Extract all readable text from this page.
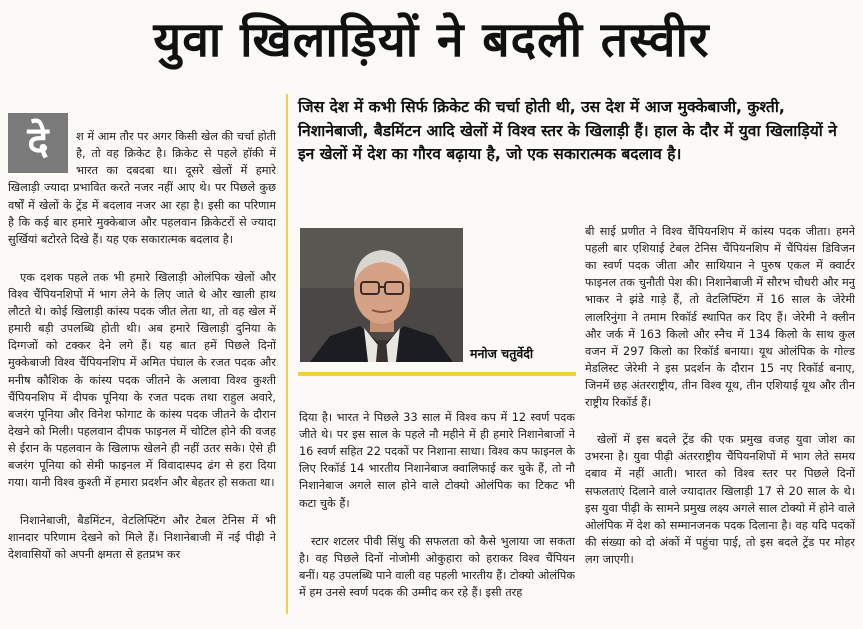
युवा खिलाड़ियों ने बदली तस्वीर

दे	श में आम तौर पर अगर किसी खेल की चर्चा होती है, तो वह क्रिकेट है। क्रिकेट से पहले हॉकी में भारत का दबदबा था। दूसरे खेलों में हमारे खिलाड़ी ज्यादा प्रभावित करते नजर नहीं आए थे। पर पिछले कुछ वर्षों में खेलों के ट्रेंड में बदलाव नजर आ रहा है। इसी का परिणाम है कि कई बार हमारे मुक्केबाज और पहलवान क्रिकेटरों से ज्यादा सुर्खियां बटोरते दिखे हैं। यह एक सकारात्मक बदलाव है।

एक दशक पहले तक भी हमारे खिलाड़ी ओलंपिक खेलों और विश्व चैंपियनशिपों में भाग लेने के लिए जाते थे और खाली हाथ लौटते थे। कोई खिलाड़ी कांस्य पदक जीत लेता था, तो वह खेल में हमारी बड़ी उपलब्धि होती थी। अब हमारे खिलाड़ी दुनिया के दिग्गजों को टक्कर देने लगे हैं। यह बात हमें पिछले दिनों मुक्केबाजी विश्व चैंपियनशिप में अमित पंघाल के रजत पदक और मनीष कौशिक के कांस्य पदक जीतने के अलावा विश्व कुश्ती चैंपियनशिप में दीपक पूनिया के रजत पदक तथा राहुल अवारे, बजरंग पूनिया और विनेश फोगाट के कांस्य पदक जीतने के दौरान देखने को मिली। पहलवान दीपक फाइनल में चोटिल होने की वजह से ईरान के पहलवान के खिलाफ खेलने ही नहीं उतर सके। ऐसे ही बजरंग पूनिया को सेमी फाइनल में विवादास्पद ढंग से हरा दिया गया। यानी विश्व कुश्ती में हमारा प्रदर्शन और बेहतर हो सकता था।

निशानेबाजी, बैडमिंटन, वेटलिफ्टिंग और टेबल टेनिस में भी शानदार परिणाम देखने को मिले हैं। निशानेबाजी में नई पीढ़ी ने देशवासियों को अपनी क्षमता से हतप्रभ कर

जिस देश में कभी सिर्फ क्रिकेट की चर्चा होती थी, उस देश में आज मुक्केबाजी, कुश्ती, निशानेबाजी, बैडमिंटन आदि खेलों में विश्व स्तर के खिलाड़ी हैं। हाल के दौर में युवा खिलाड़ियों ने इन खेलों में देश का गौरव बढ़ाया है, जो एक सकारात्मक बदलाव है।
मनोज चतुर्वेदी

दिया है। भारत ने पिछले 33 साल में विश्व कप में 12 स्वर्ण पदक जीते थे। पर इस साल के पहले नौ महीने में ही हमारे निशानेबाजों ने 16 स्वर्ण सहित 22 पदकों पर निशाना साधा। विश्व कप फाइनल के लिए रिकॉर्ड 14 भारतीय निशानेबाज क्वालिफाई कर चुके हैं, तो नौ निशानेबाज अगले साल होने वाले टोक्यो ओलंपिक का टिकट भी कटा चुके हैं।

स्टार शटलर पीवी सिंधु की सफलता को कैसे भुलाया जा सकता है। वह पिछले दिनों नोजोमी ओकुहारा को हराकर विश्व चैंपियन बनीं। यह उपलब्धि पाने वाली वह पहली भारतीय हैं। टोक्यो ओलंपिक में हम उनसे स्वर्ण पदक की उम्मीद कर रहे हैं। इसी तरह

बी साई प्रणीत ने विश्व चैंपियनशिप में कांस्य पदक जीता। हमने पहली बार एशियाई टेबल टेनिस चैंपियनशिप में चैंपियंस डिविजन का स्वर्ण पदक जीता और साथियान ने पुरुष एकल में क्वार्टर फाइनल तक चुनौती पेश की। निशानेबाजी में सौरभ चौधरी और मनु भाकर ने झंडे गाड़े हैं, तो वेटलिफ्टिंग में 16 साल के जेरेमी लालरिनुंगा ने तमाम रिकॉर्ड स्थापित कर दिए हैं। जेरेमी ने क्लीन और जर्क में 163 किलो और स्नैच में 134 किलो के साथ कुल वजन में 297 किलो का रिकॉर्ड बनाया। यूथ ओलंपिक के गोल्ड मेडलिस्ट जेरेमी ने इस प्रदर्शन के दौरान 15 नए रिकॉर्ड बनाए, जिनमें छह अंतरराष्ट्रीय, तीन विश्व यूथ, तीन एशियाई यूथ और तीन राष्ट्रीय रिकॉर्ड हैं।

खेलों में इस बदले ट्रेंड की एक प्रमुख वजह युवा जोश का उभरना है। युवा पीढ़ी अंतरराष्ट्रीय चैंपियनशिपों में भाग लेते समय दबाव में नहीं आती। भारत को विश्व स्तर पर पिछले दिनों सफलताएं दिलाने वाले ज्यादातर खिलाड़ी 17 से 20 साल के थे। इस युवा पीढ़ी के सामने प्रमुख लक्ष्य अगले साल टोक्यो में होने वाले ओलंपिक में देश को सम्मानजनक पदक दिलाना है। वह यदि पदकों की संख्या को दो अंकों में पहुंचा पाई, तो इस बदले ट्रेंड पर मोहर लग जाएगी।
